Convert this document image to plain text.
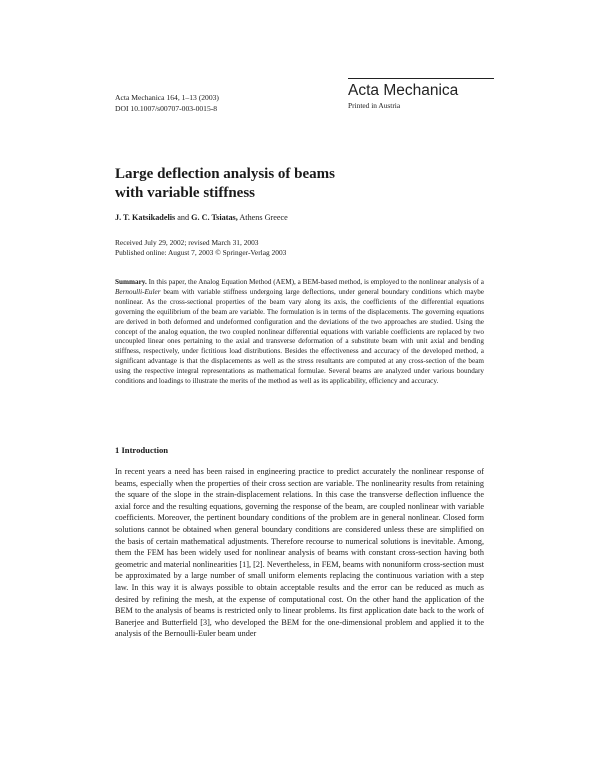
Acta Mechanica 164, 1–13 (2003)
DOI 10.1007/s00707-003-0015-8
Acta Mechanica
Printed in Austria
Large deflection analysis of beams
with variable stiffness
J. T. Katsikadelis and G. C. Tsiatas, Athens Greece
Received July 29, 2002; revised March 31, 2003
Published online: August 7, 2003 © Springer-Verlag 2003
Summary. In this paper, the Analog Equation Method (AEM), a BEM-based method, is employed to the nonlinear analysis of a Bernoulli-Euler beam with variable stiffness undergoing large deflections, under general boundary conditions which maybe nonlinear. As the cross-sectional properties of the beam vary along its axis, the coefficients of the differential equations governing the equilibrium of the beam are variable. The formulation is in terms of the displacements. The governing equations are derived in both deformed and undeformed configuration and the deviations of the two approaches are studied. Using the concept of the analog equation, the two coupled nonlinear differential equations with variable coefficients are replaced by two uncoupled linear ones pertaining to the axial and transverse deformation of a substitute beam with unit axial and bending stiffness, respectively, under fictitious load distributions. Besides the effectiveness and accuracy of the developed method, a significant advantage is that the displacements as well as the stress resultants are computed at any cross-section of the beam using the respective integral representations as mathematical formulae. Several beams are analyzed under various boundary conditions and loadings to illustrate the merits of the method as well as its applicability, efficiency and accuracy.
1 Introduction

In recent years a need has been raised in engineering practice to predict accurately the nonlinear response of beams, especially when the properties of their cross section are variable. The nonlinearity results from retaining the square of the slope in the strain-displacement relations. In this case the transverse deflection influence the axial force and the resulting equations, governing the response of the beam, are coupled nonlinear with variable coefficients. Moreover, the pertinent boundary conditions of the problem are in general nonlinear. Closed form solutions cannot be obtained when general boundary conditions are considered unless these are simplified on the basis of certain mathematical adjustments. Therefore recourse to numerical solutions is inevitable. Among, them the FEM has been widely used for nonlinear analysis of beams with constant cross-section having both geometric and material nonlinearities [1], [2]. Nevertheless, in FEM, beams with nonuniform cross-section must be approximated by a large number of small uniform elements replacing the continuous variation with a step law. In this way it is always possible to obtain acceptable results and the error can be reduced as much as desired by refining the mesh, at the expense of computational cost. On the other hand the application of the BEM to the analysis of beams is restricted only to linear problems. Its first application date back to the work of Banerjee and Butterfield [3], who developed the BEM for the one-dimensional problem and applied it to the analysis of the Bernoulli-Euler beam under
